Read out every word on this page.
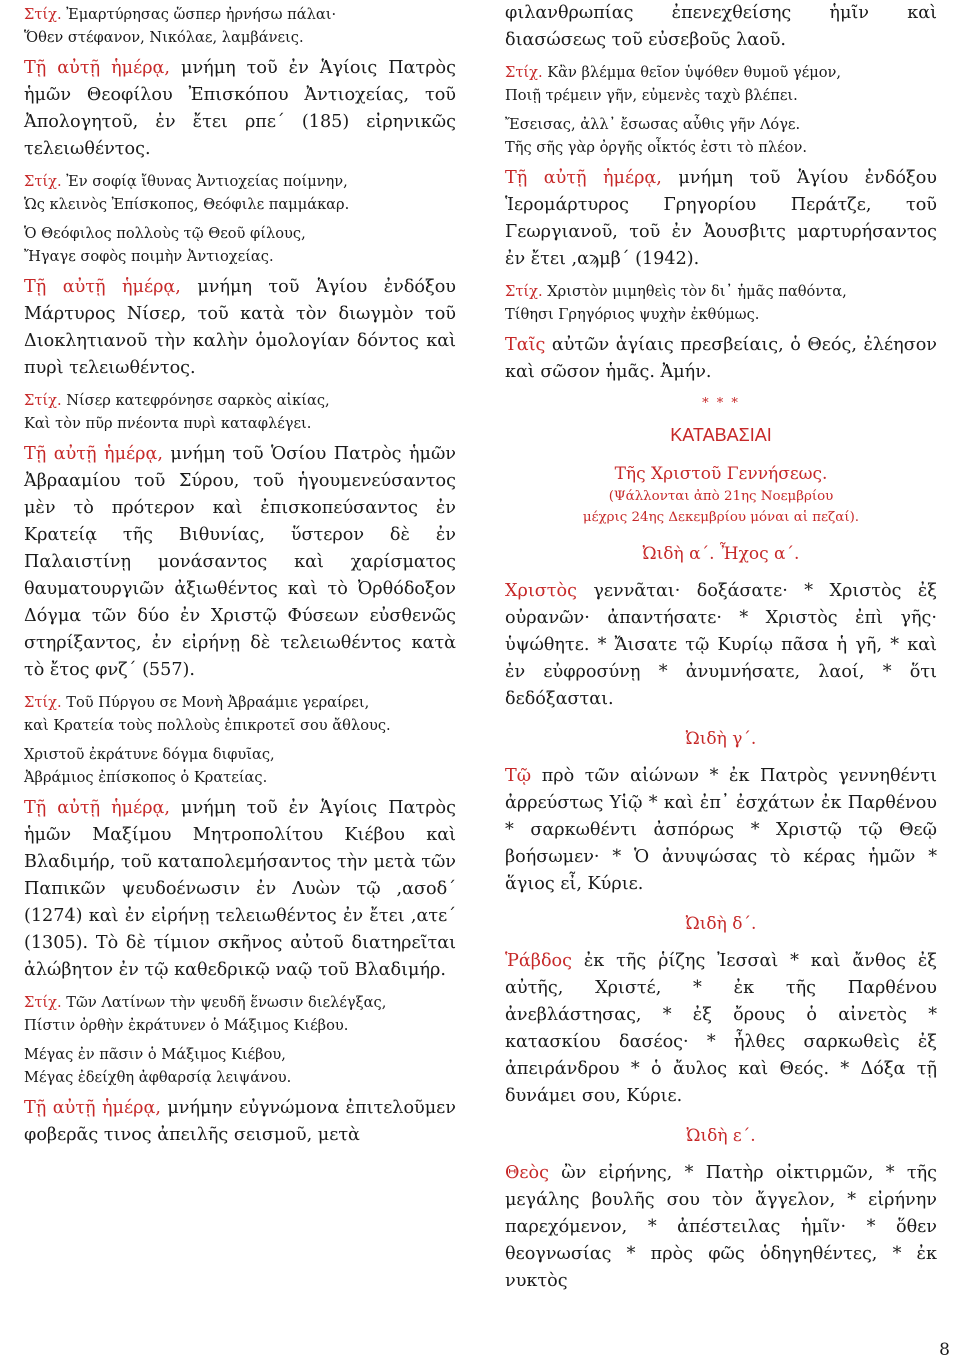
Στίχ. Ἐμαρτύρησας ὥσπερ ἠρνήσω πάλαι·
Ὅθεν στέφανον, Νικόλαε, λαμβάνεις.

Τῇ αὐτῇ ἡμέρᾳ, μνήμη τοῦ ἐν Ἁγίοις Πατρὸς ἡμῶν Θεοφίλου Ἐπισκόπου Ἀντιοχείας, τοῦ Ἀπολογητοῦ, ἐν ἔτει ρπε´ (185) εἰρηνικῶς τελειωθέντος.

Στίχ. Ἐν σοφίᾳ ἴθυνας Ἀντιοχείας ποίμνην,
Ὡς κλεινὸς Ἐπίσκοπος, Θεόφιλε παμμάκαρ.

Ὁ Θεόφιλος πολλοὺς τῷ Θεοῦ φίλους,
Ἤγαγε σοφὸς ποιμὴν Ἀντιοχείας.

Τῇ αὐτῇ ἡμέρᾳ, μνήμη τοῦ Ἁγίου ἐνδόξου Μάρτυρος Νίσερ, τοῦ κατὰ τὸν διωγμὸν τοῦ Διοκλητιανοῦ τὴν καλὴν ὁμολογίαν δόντος καὶ πυρὶ τελειωθέντος.

Στίχ. Νίσερ κατεφρόνησε σαρκὸς αἰκίας,
Καὶ τὸν πῦρ πνέοντα πυρὶ καταφλέγει.

Τῇ αὐτῇ ἡμέρᾳ, μνήμη τοῦ Ὁσίου Πατρὸς ἡμῶν Ἀβρααμίου τοῦ Σύρου, τοῦ ἡγουμενεύσαντος μὲν τὸ πρότερον καὶ ἐπισκοπεύσαντος ἐν Κρατείᾳ τῆς Βιθυνίας, ὕστερον δὲ ἐν Παλαιστίνῃ μονάσαντος καὶ χαρίσματος θαυματουργιῶν ἀξιωθέντος καὶ τὸ Ὀρθόδοξον Δόγμα τῶν δύο ἐν Χριστῷ Φύσεων εὐσθενῶς στηρίξαντος, ἐν εἰρήνῃ δὲ τελειωθέντος κατὰ τὸ ἔτος φνζ´ (557).

Στίχ. Τοῦ Πύργου σε Μονὴ Ἀβραάμιε γεραίρει,
καὶ Κρατεία τοὺς πολλοὺς ἐπικροτεῖ σου ἄθλους.

Χριστοῦ ἐκράτυνε δόγμα διφυῖας,
Ἀβράμιος ἐπίσκοπος ὁ Κρατείας.

Τῇ αὐτῇ ἡμέρᾳ, μνήμη τοῦ ἐν Ἁγίοις Πατρὸς ἡμῶν Μαξίμου Μητροπολίτου Κιέβου καὶ Βλαδιμήρ, τοῦ καταπολεμήσαντος τὴν μετὰ τῶν Παπικῶν ψευδοένωσιν ἐν Λυὼν τῷ ,ασοδ´ (1274) καὶ ἐν εἰρήνῃ τελειωθέντος ἐν ἔτει ,ατε´ (1305). Τὸ δὲ τίμιον σκῆνος αὐτοῦ διατηρεῖται ἀλώβητον ἐν τῷ καθεδρικῷ ναῷ τοῦ Βλαδιμήρ.

Στίχ. Τῶν Λατίνων τὴν ψευδῆ ἕνωσιν διελέγξας,
Πίστιν ὀρθὴν ἐκράτυνεν ὁ Μάξιμος Κιέβου.

Μέγας ἐν πᾶσιν ὁ Μάξιμος Κιέβου,
Μέγας ἐδείχθη ἀφθαρσίᾳ λειψάνου.

Τῇ αὐτῇ ἡμέρᾳ, μνήμην εὐγνώμονα ἐπιτελοῦμεν φοβερᾶς τινος ἀπειλῆς σεισμοῦ, μετὰ

φιλανθρωπίας ἐπενεχθείσης ἡμῖν καὶ διασώσεως τοῦ εὐσεβοῦς λαοῦ.

Στίχ. Κἂν βλέμμα θεῖον ὑψόθεν θυμοῦ γέμον,
Ποιῇ τρέμειν γῆν, εὐμενὲς ταχὺ βλέπει.

Ἔσεισας, ἀλλ᾽ ἔσωσας αὖθις γῆν Λόγε.
Τῆς σῆς γὰρ ὀργῆς οἶκτός ἐστι τὸ πλέον.

Τῇ αὐτῇ ἡμέρᾳ, μνήμη τοῦ Ἁγίου ἐνδόξου Ἱερομάρτυρος Γρηγορίου Περάτζε, τοῦ Γεωργιανοῦ, τοῦ ἐν Ἀουσβιτς μαρτυρήσαντος ἐν ἔτει ,αϡμβ´ (1942).

Στίχ. Χριστὸν μιμηθεὶς τὸν δι᾽ ἡμᾶς παθόντα,
Τίθησι Γρηγόριος ψυχὴν ἐκθύμως.

Ταῖς αὐτῶν ἁγίαις πρεσβείαις, ὁ Θεός, ἐλέησον καὶ σῶσον ἡμᾶς. Ἀμήν.

* * *
ΚΑΤΑΒΑΣΙΑΙ

Τῆς Χριστοῦ Γεννήσεως.

(Ψάλλονται ἀπὸ 21ης Νοεμβρίου

μέχρις 24ης Δεκεμβρίου μόναι αἱ πεζαί).

Ὠιδὴ α´. Ἦχος α´.

Χριστὸς γεννᾶται· δοξάσατε· * Χριστὸς ἐξ οὐρανῶν· ἀπαντήσατε· * Χριστὸς ἐπὶ γῆς· ὑψώθητε. * Ἄισατε τῷ Κυρίῳ πᾶσα ἡ γῆ, * καὶ ἐν εὐφροσύνῃ * ἀνυμνήσατε, λαοί, * ὅτι δεδόξασται.

Ὠιδὴ γ´.

Τῷ πρὸ τῶν αἰώνων * ἐκ Πατρὸς γεννηθέντι ἀρρεύστως Υἱῷ * καὶ ἐπ᾽ ἐσχάτων ἐκ Παρθένου * σαρκωθέντι ἀσπόρως * Χριστῷ τῷ Θεῷ βοήσωμεν· * Ὁ ἀνυψώσας τὸ κέρας ἡμῶν * ἅγιος εἶ, Κύριε.

Ὠιδὴ δ´.

Ῥάβδος ἐκ τῆς ῥίζης Ἰεσσαὶ * καὶ ἄνθος ἐξ αὐτῆς, Χριστέ, * ἐκ τῆς Παρθένου ἀνεβλάστησας, * ἐξ ὄρους ὁ αἰνετὸς * κατασκίου δασέος· * ἦλθες σαρκωθεὶς ἐξ ἀπειράνδρου * ὁ ἄυλος καὶ Θεός. * Δόξα τῇ δυνάμει σου, Κύριε.

Ὠιδὴ ε´.

Θεὸς ὢν εἰρήνης, * Πατὴρ οἰκτιρμῶν, * τῆς μεγάλης βουλῆς σου τὸν ἄγγελον, * εἰρήνην παρεχόμενον, * ἀπέστειλας ἡμῖν· * ὅθεν θεογνωσίας * πρὸς φῶς ὁδηγηθέντες, * ἐκ νυκτὸς

8
